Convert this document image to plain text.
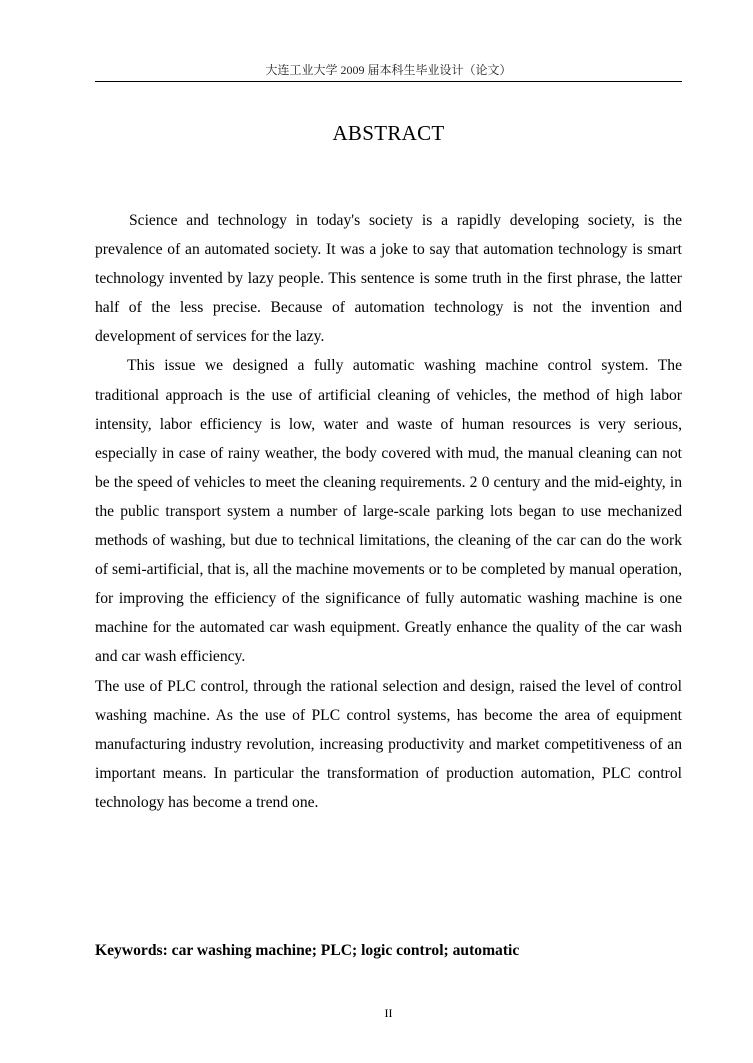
大连工业大学 2009 届本科生毕业设计（论文）
ABSTRACT

Science and technology in today's society is a rapidly developing society, is the prevalence of an automated society. It was a joke to say that automation technology is smart technology invented by lazy people. This sentence is some truth in the first phrase, the latter half of the less precise. Because of automation technology is not the invention and development of services for the lazy.

This issue we designed a fully automatic washing machine control system. The traditional approach is the use of artificial cleaning of vehicles, the method of high labor intensity, labor efficiency is low, water and waste of human resources is very serious, especially in case of rainy weather, the body covered with mud, the manual cleaning can not be the speed of vehicles to meet the cleaning requirements. 2 0 century and the mid-eighty, in the public transport system a number of large-scale parking lots began to use mechanized methods of washing, but due to technical limitations, the cleaning of the car can do the work of semi-artificial, that is, all the machine movements or to be completed by manual operation, for improving the efficiency of the significance of fully automatic washing machine is one machine for the automated car wash equipment. Greatly enhance the quality of the car wash and car wash efficiency.

The use of PLC control, through the rational selection and design, raised the level of control washing machine. As the use of PLC control systems, has become the area of equipment manufacturing industry revolution, increasing productivity and market competitiveness of an important means. In particular the transformation of production automation, PLC control technology has become a trend one.

Keywords: car washing machine; PLC; logic control; automatic
II
